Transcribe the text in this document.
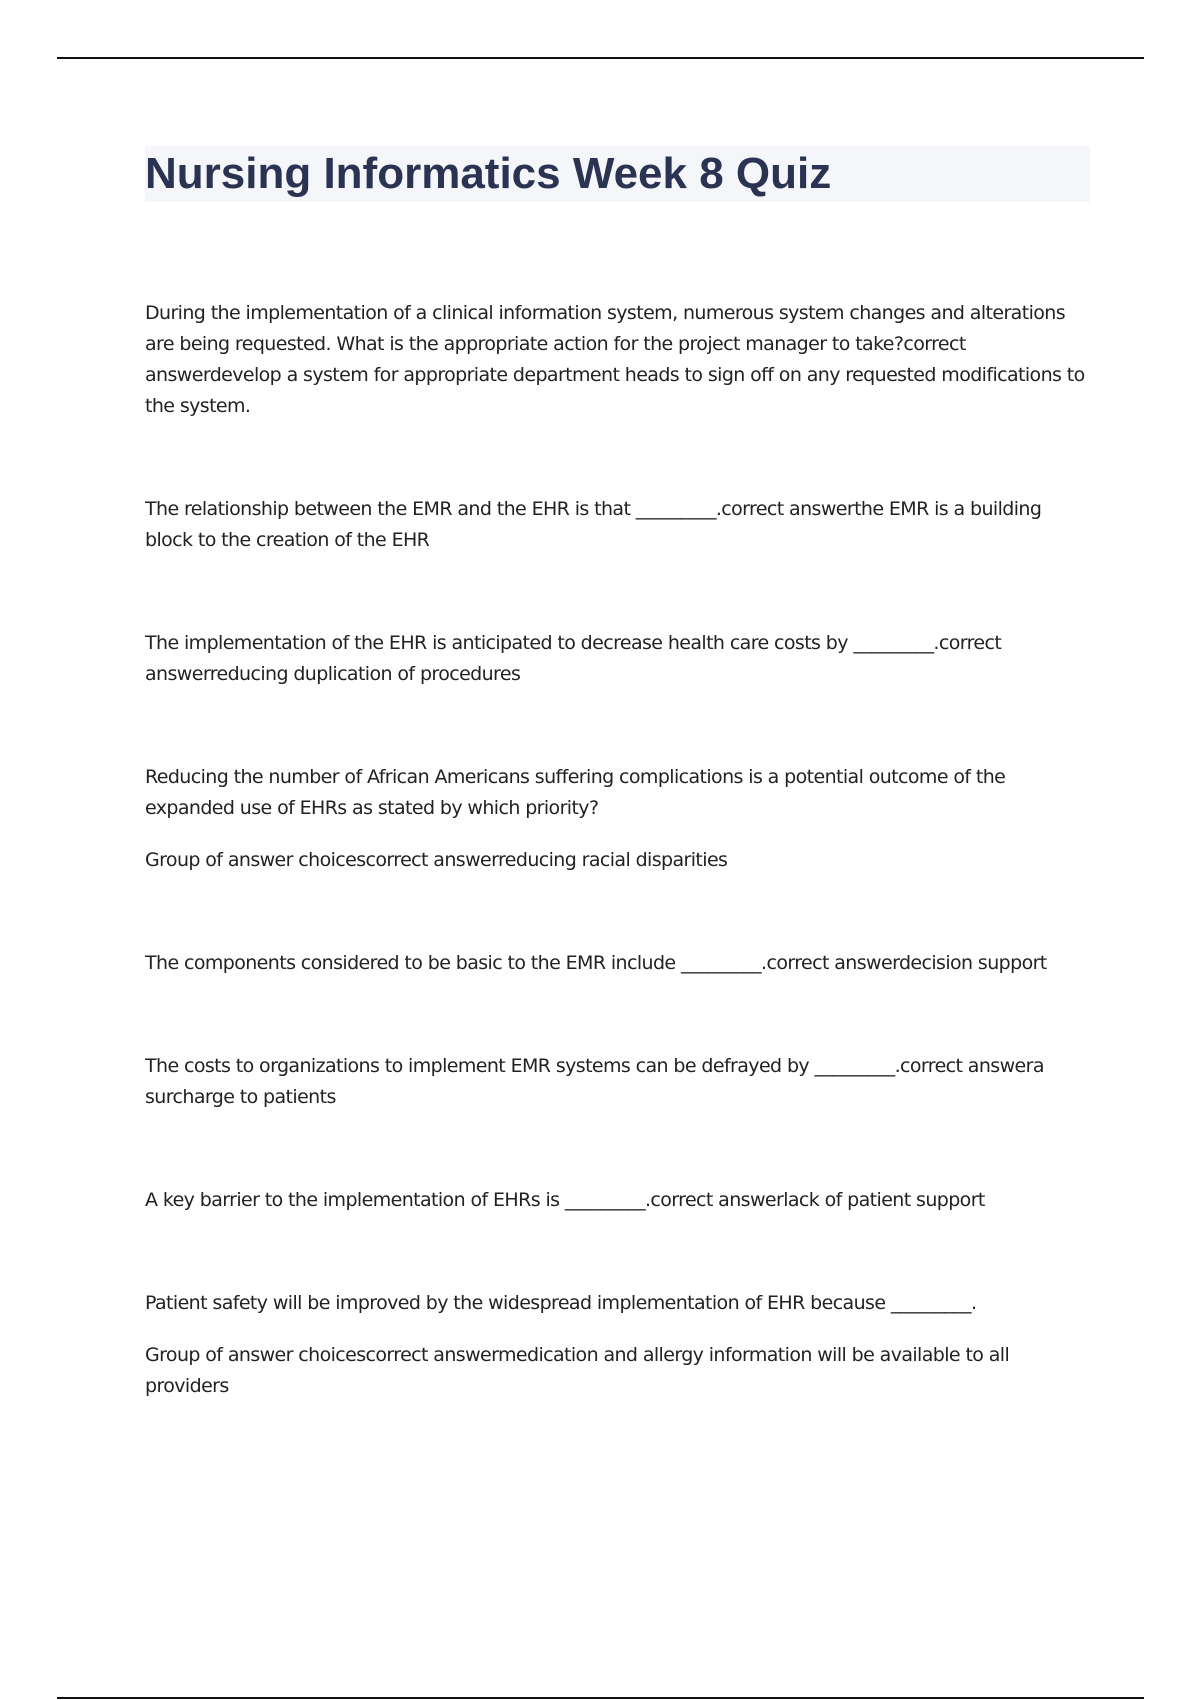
Nursing Informatics Week 8 Quiz

During the implementation of a clinical information system, numerous system changes and alterations are being requested. What is the appropriate action for the project manager to take?correct answerdevelop a system for appropriate department heads to sign off on any requested modifications to the system.

The relationship between the EMR and the EHR is that _________.correct answerthe EMR is a building block to the creation of the EHR

The implementation of the EHR is anticipated to decrease health care costs by _________.correct answerreducing duplication of procedures

Reducing the number of African Americans suffering complications is a potential outcome of the expanded use of EHRs as stated by which priority?

Group of answer choicescorrect answerreducing racial disparities

The components considered to be basic to the EMR include _________.correct answerdecision support

The costs to organizations to implement EMR systems can be defrayed by _________.correct answera surcharge to patients

A key barrier to the implementation of EHRs is _________.correct answerlack of patient support

Patient safety will be improved by the widespread implementation of EHR because _________.

Group of answer choicescorrect answermedication and allergy information will be available to all providers
